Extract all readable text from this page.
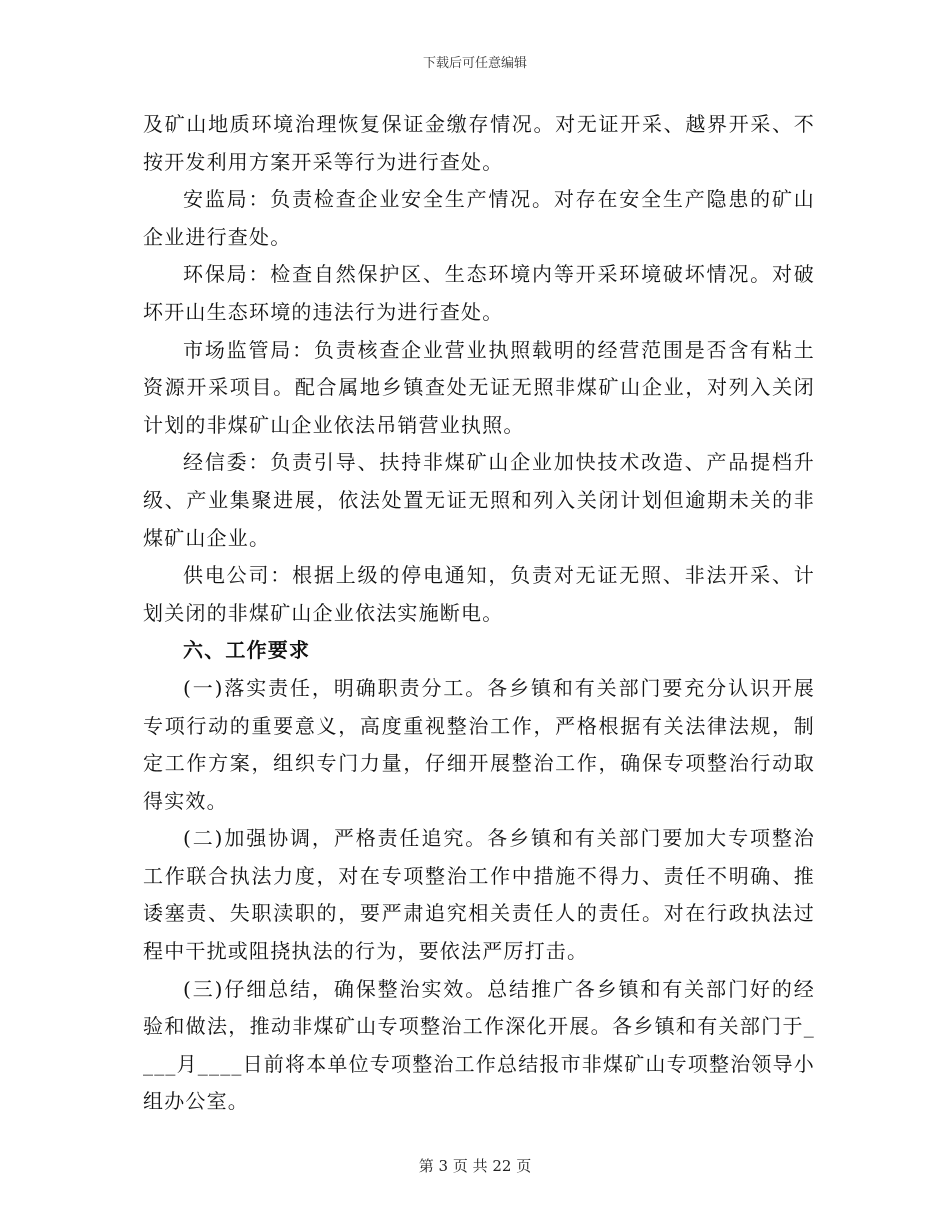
下载后可任意编辑

及矿山地质环境治理恢复保证金缴存情况。对无证开采、越界开采、不按开发利用方案开采等行为进行查处。

安监局：负责检查企业安全生产情况。对存在安全生产隐患的矿山企业进行查处。

环保局：检查自然保护区、生态环境内等开采环境破坏情况。对破坏开山生态环境的违法行为进行查处。

市场监管局：负责核查企业营业执照载明的经营范围是否含有粘土资源开采项目。配合属地乡镇查处无证无照非煤矿山企业，对列入关闭计划的非煤矿山企业依法吊销营业执照。

经信委：负责引导、扶持非煤矿山企业加快技术改造、产品提档升级、产业集聚进展，依法处置无证无照和列入关闭计划但逾期未关的非煤矿山企业。

供电公司：根据上级的停电通知，负责对无证无照、非法开采、计划关闭的非煤矿山企业依法实施断电。

六、工作要求

(一)落实责任，明确职责分工。各乡镇和有关部门要充分认识开展专项行动的重要意义，高度重视整治工作，严格根据有关法律法规，制定工作方案，组织专门力量，仔细开展整治工作，确保专项整治行动取得实效。

(二)加强协调，严格责任追究。各乡镇和有关部门要加大专项整治工作联合执法力度，对在专项整治工作中措施不得力、责任不明确、推诿塞责、失职渎职的，要严肃追究相关责任人的责任。对在行政执法过程中干扰或阻挠执法的行为，要依法严厉打击。

(三)仔细总结，确保整治实效。总结推广各乡镇和有关部门好的经验和做法，推动非煤矿山专项整治工作深化开展。各乡镇和有关部门于____月____日前将本单位专项整治工作总结报市非煤矿山专项整治领导小组办公室。

第 3 页 共 22 页
